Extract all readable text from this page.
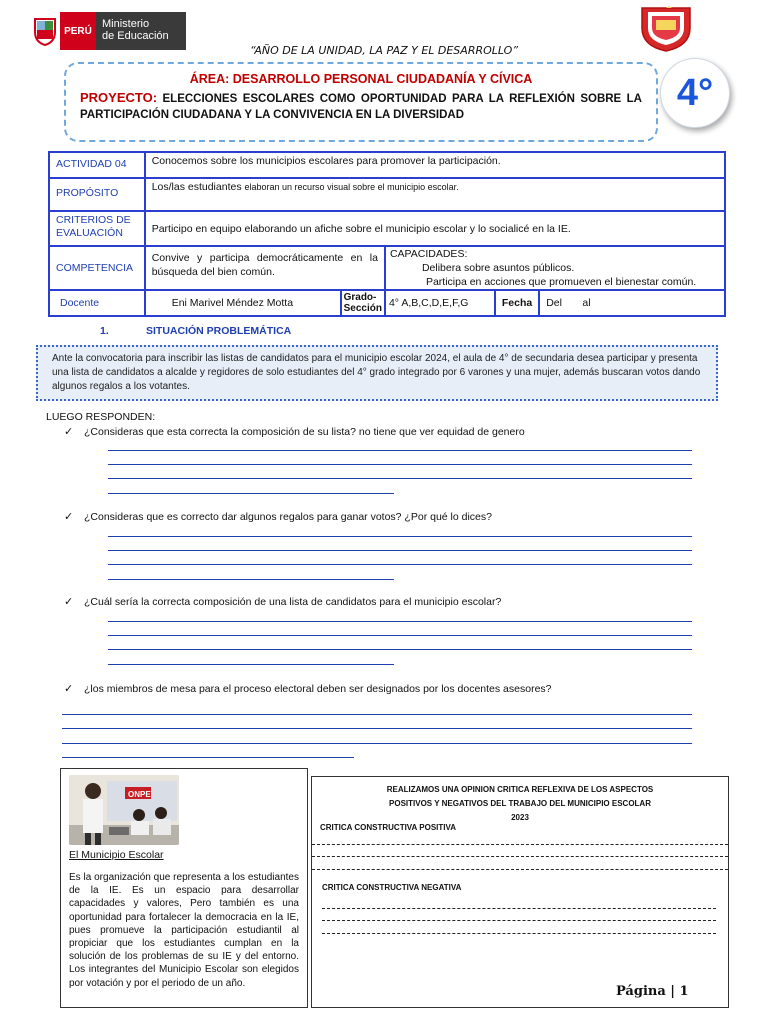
PERÚ
Ministerio
de Educación
“AÑO DE LA UNIDAD, LA PAZ Y EL DESARROLLO”
ÁREA: DESARROLLO PERSONAL CIUDADANÍA Y CÍVICA
PROYECTO: ELECCIONES ESCOLARES COMO OPORTUNIDAD PARA LA REFLEXIÓN SOBRE LA PARTICIPACIÓN CIUDADANA Y LA CONVIVENCIA EN LA DIVERSIDAD
4°
ACTIVIDAD 04	Conocemos sobre los municipios escolares para promover la participación.				
PROPÓSITO	Los/las estudiantes elaboran un recurso visual sobre el municipio escolar.				
CRITERIOS DE EVALUACIÓN	Participo en equipo elaborando un afiche sobre el municipio escolar y lo socialicé en la IE.				
COMPETENCIA	Convive y participa democráticamente en la búsqueda del bien común.		CAPACIDADES:
Delibera sobre asuntos públicos.
Participa en acciones que promueven el bienestar común.		

Docente	Eni Marivel Méndez Motta	Grado-Sección	4° A,B,C,D,E,F,G	Fecha	Del       al
1.	SITUACIÓN PROBLEMÁTICA
Ante la convocatoria para inscribir las listas de candidatos para el municipio escolar 2024, el aula de 4° de secundaria desea participar y presenta una lista de candidatos a alcalde y regidores de solo estudiantes del 4° grado integrado por 6 varones y una mujer, además buscaran votos dando algunos regalos a los votantes.
LUEGO RESPONDEN:
✓ ¿Consideras que esta correcta la composición de su lista? no tiene que ver equidad de genero
✓ ¿Consideras que es correcto dar algunos regalos para ganar votos? ¿Por qué lo dices?
✓ ¿Cuál sería la correcta composición de una lista de candidatos para el municipio escolar?
✓ ¿los miembros de mesa para el proceso electoral deben ser designados por los docentes asesores?
ONPE
El Municipio Escolar
Es la organización que representa a los estudiantes de la IE. Es un espacio para desarrollar capacidades y valores, Pero también es una oportunidad para fortalecer la democracia en la IE, pues promueve la participación estudiantil al propiciar que los estudiantes cumplan en la solución de los problemas de su IE y del entorno. Los integrantes del Municipio Escolar son elegidos por votación y por el periodo de un año.
REALIZAMOS UNA OPINION CRITICA REFLEXIVA DE LOS ASPECTOS POSITIVOS Y NEGATIVOS DEL TRABAJO DEL MUNICIPIO ESCOLAR 2023
CRITICA CONSTRUCTIVA POSITIVA
CRITICA CONSTRUCTIVA NEGATIVA
Página | 1
